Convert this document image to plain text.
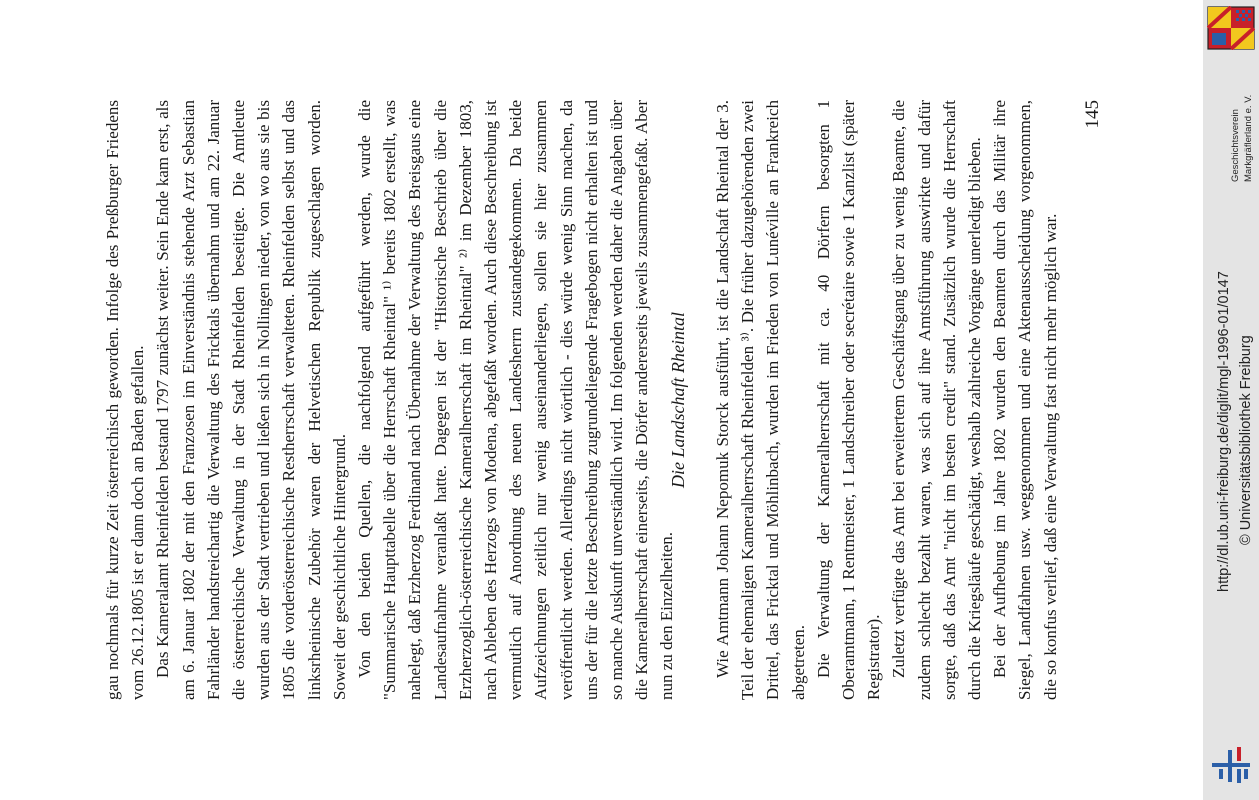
gau nochmals für kurze Zeit österreichisch geworden. Infolge des Preßburger Friedens vom 26.12.1805 ist er dann doch an Baden gefallen. Das Kameralamt Rheinfelden bestand 1797 zunächst weiter. Sein Ende kam erst, als am 6. Januar 1802 der mit den Franzosen im Einverständnis stehende Arzt Sebastian Fahrländer handstreichartig die Verwaltung des Fricktals übernahm und am 22. Januar die österreichische Verwaltung in der Stadt Rheinfelden beseitigte. Die Amtleute wurden aus der Stadt vertrieben und ließen sich in Nollingen nieder, von wo aus sie bis 1805 die vorderösterreichische Restherrschaft verwalteten. Rheinfelden selbst und das linksrheinische Zubehör waren der Helvetischen Republik zugeschlagen worden. Soweit der geschichtliche Hintergrund. Von den beiden Quellen, die nachfolgend aufgeführt werden, wurde die "Summarische Haupttabelle über die Herrschaft Rheintal" ¹⁾ bereits 1802 erstellt, was nahelegt, daß Erzherzog Ferdinand nach Übernahme der Verwaltung des Breisgaus eine Landesaufnahme veranlaßt hatte. Dagegen ist der "Historische Beschrieb über die Erzherzoglich-österreichische Kameralherrschaft im Rheintal" ²⁾ im Dezember 1803, nach Ableben des Herzogs von Modena, abgefaßt worden. Auch diese Beschreibung ist vermutlich auf Anordnung des neuen Landesherrn zustandegekommen. Da beide Aufzeichnungen zeitlich nur wenig auseinanderliegen, sollen sie hier zusammen veröffentlicht werden. Allerdings nicht wörtlich - dies würde wenig Sinn machen, da uns der für die letzte Beschreibung zugrundeliegende Fragebogen nicht erhalten ist und so manche Auskunft unverständlich wird. Im folgenden werden daher die Angaben über die Kameralherrschaft einerseits, die Dörfer andererseits jeweils zusammengefaßt. Aber nun zu den Einzelheiten.

Die Landschaft Rheintal Wie Amtmann Johann Nepomuk Storck ausführt, ist die Landschaft Rheintal der 3. Teil der ehemaligen Kameralherrschaft Rheinfelden ³⁾. Die früher dazugehörenden zwei Drittel, das Fricktal und Möhlinbach, wurden im Frieden von Lunéville an Frankreich abgetreten. Die Verwaltung der Kameralherrschaft mit ca. 40 Dörfern besorgten 1 Oberamtmann, 1 Rentmeister, 1 Landschreiber oder secrétaire sowie 1 Kanzlist (später Registrator). Zuletzt verfügte das Amt bei erweitertem Geschäftsgang über zu wenig Beamte, die zudem schlecht bezahlt waren, was sich auf ihre Amtsführung auswirkte und dafür sorgte, daß das Amt "nicht im besten credit" stand. Zusätzlich wurde die Herrschaft durch die Kriegsläufe geschädigt, weshalb zahlreiche Vorgänge unerledigt blieben. Bei der Aufhebung im Jahre 1802 wurden den Beamten durch das Militär ihre Siegel, Landfahnen usw. weggenommen und eine Aktenausscheidung vorgenommen, die so konfus verlief, daß eine Verwaltung fast nicht mehr möglich war.

145	Geschichtsverein Markgräflerland e. V.
http://dl.ub.uni-freiburg.de/diglit/mgl-1996-01/0147 © Universitätsbibliothek Freiburg
